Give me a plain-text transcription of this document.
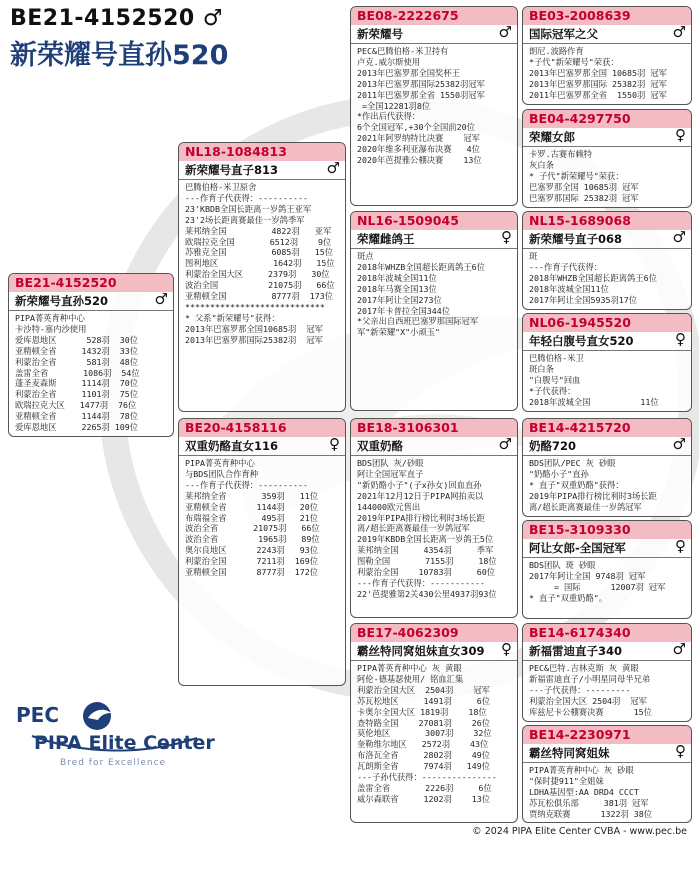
BE21-4152520 ♂
新荣耀号直孙520
BE21-4152520
新荣耀号直孙520	♂
PIPA菁英育种中心
卡沙特-塞内沙使用
爱库恩地区      528羽  30位
亚精顿全省     1432羽  33位
利蒙治全省      581羽  48位
盖雷全省       1086羽  54位
蓬圣麦森斯     1114羽  70位
利蒙治全省     1101羽  75位
欧瑞拉克大区   1477羽  76位
亚精顿全省     1144羽  78位
爱库恩地区     2265羽 109位
NL18-1084813
新荣耀号直子813	♂
巴腾伯格-米卫原舍
---作育子代获得：----------
23'KBDB全国长距离一岁鸽王亚军
23'2场长距离赛最佳一岁鸽季军
莱邦纳全国         4822羽   亚军
欧瑞拉克全国       6512羽    9位
苏雅克全国         6085羽   15位
图利地区           1642羽   15位
利蒙治全国大区     2379羽   30位
波治全国          21075羽   66位
亚精顿全国         8777羽  173位
****************************
* 父系"新荣耀号"获得：
2013年巴塞罗那全国10685羽  冠军
2013年巴塞罗那国际25382羽  冠军
BE20-4158116
双重奶酪直女116	♀
PIPA菁英育种中心
与BDS团队合作育种
---作育子代获得：----------
莱邦纳全省       359羽   11位
亚精顿全省      1144羽   20位
布瑞福全省       495羽   21位
波治全省       21075羽   66位
波治全省        1965羽   89位
奥尔良地区      2243羽   93位
利蒙治全国      7211羽  169位
亚精顿全国      8777羽  172位
BE08-2222675
新荣耀号	♂
PEC&巴腾伯格-米卫持有
卢克.威尔斯使用
2013年巴塞罗那全国奖杯王
2013年巴塞罗那国际25382羽冠军
2011年巴塞罗那全省 1550羽冠军
=全国12281羽8位
*作出后代获得：
6个全国冠军,+30个全国前20位
2021年阿罗纳特比决赛    冠军
2020年维多利亚瀑布决赛   4位
2020年芭提雅公棚决赛    13位
NL16-1509045
荣耀雌鸽王	♀
斑点
2018年WHZB全国超长距离鸽王6位
2018年波城全国11位
2018年马赛全国13位
2017年阿让全国273位
2017年卡普拉全国344位
*父亲出自西班巴塞罗那国际冠军
军"新荣耀"X"小顽玉"
BE18-3106301
双重奶酪	♂
BDS团队 灰/砂眼
阿让全国冠军直子
"新奶酪小子"(子x孙女)回血直孙
2021年12月12日于PIPA网拍卖以
144000欧元售出
2019年PIPA排行榜比利时3场长距
离/超长距离赛最佳一岁鸽冠军
2019年KBDB全国长距离一岁鸽王5位
莱邦纳全国     4354羽     季军
图勒全国       7155羽     18位
利蒙治全国    10783羽     60位
---作育子代获得：-----------
22'芭提雅第2关430公里4937羽93位
BE17-4062309
霸丝特同窝姐妹直女309	♀
PIPA菁英育种中心 灰 黄眼
阿伦-德基瑟使用/ 铭血汇集
利蒙治全国大区  2504羽    冠军
苏瓦松地区     1491羽     6位
卡奥尔全国大区 1819羽    18位
查特路全国    27081羽    26位
莫伦地区       3007羽    32位
奎勒维尔地区   2572羽    43位
布洛瓦全省     2802羽    49位
瓦朗斯全省     7974羽   149位
---子孙代获得：---------------
盖雷全省       2226羽     6位
威尔森联省     1202羽    13位
BE03-2008639
国际冠军之父	♂
朗尼.波路作育
*子代"新荣耀号"荣获：
2013年巴塞罗那全国 10685羽 冠军
2013年巴塞罗那国际 25382羽 冠军
2011年巴塞罗那全省  1550羽 冠军
BE04-4297750
荣耀女郎	♀
卡罗.古赛布赖特
灰白条
* 子代"新荣耀号"荣获：
巴塞罗那全国 10685羽 冠军
巴塞罗那国际 25382羽 冠军
NL15-1689068
新荣耀号直子068	♂
斑
---作育子代获得：
2018年WHZB全国超长距离鸽王6位
2018年波城全国11位
2017年阿让全国5935羽17位
NL06-1945520
年轻白腹号直女520	♀
巴腾伯格-米卫
斑白条
"白腹号"回血
*子代获得：
2018年波城全国          11位
BE14-4215720
奶酪720	♂
BDS团队/PEC 灰 砂眼
"奶酪小子"直孙
* 直子"双重奶酪"获得：
2019年PIPA排行榜比利时3场长距
离/超长距离赛最佳一岁鸽冠军
BE15-3109330
阿让女郎-全国冠军	♀
BDS团队 斑 砂眼
2017年阿让全国 9748羽 冠军
= 国际      12007羽 冠军
* 直子"双重奶酪"。
BE14-6174340
新福雷迪直子340	♂
PEC&巴特.吉林克斯 灰 黄眼
新福雷迪直子/小明星同母半兄弟
---子代获得：---------
利蒙治全国大区 2504羽  冠军
库兹尼卡公棚赛决赛      15位
BE14-2230971
霸丝特同窝姐妹	♀
PIPA菁英育种中心 灰 砂眼
"保时捷911"全姐妹
LDHA基因型:AA DRD4 CCCT
苏瓦松俱乐部     381羽 冠军
贾纳克联赛      1322羽 38位
PEC
PIPA Elite Center
Bred for Excellence
© 2024 PIPA Elite Center CVBA - www.pec.be
